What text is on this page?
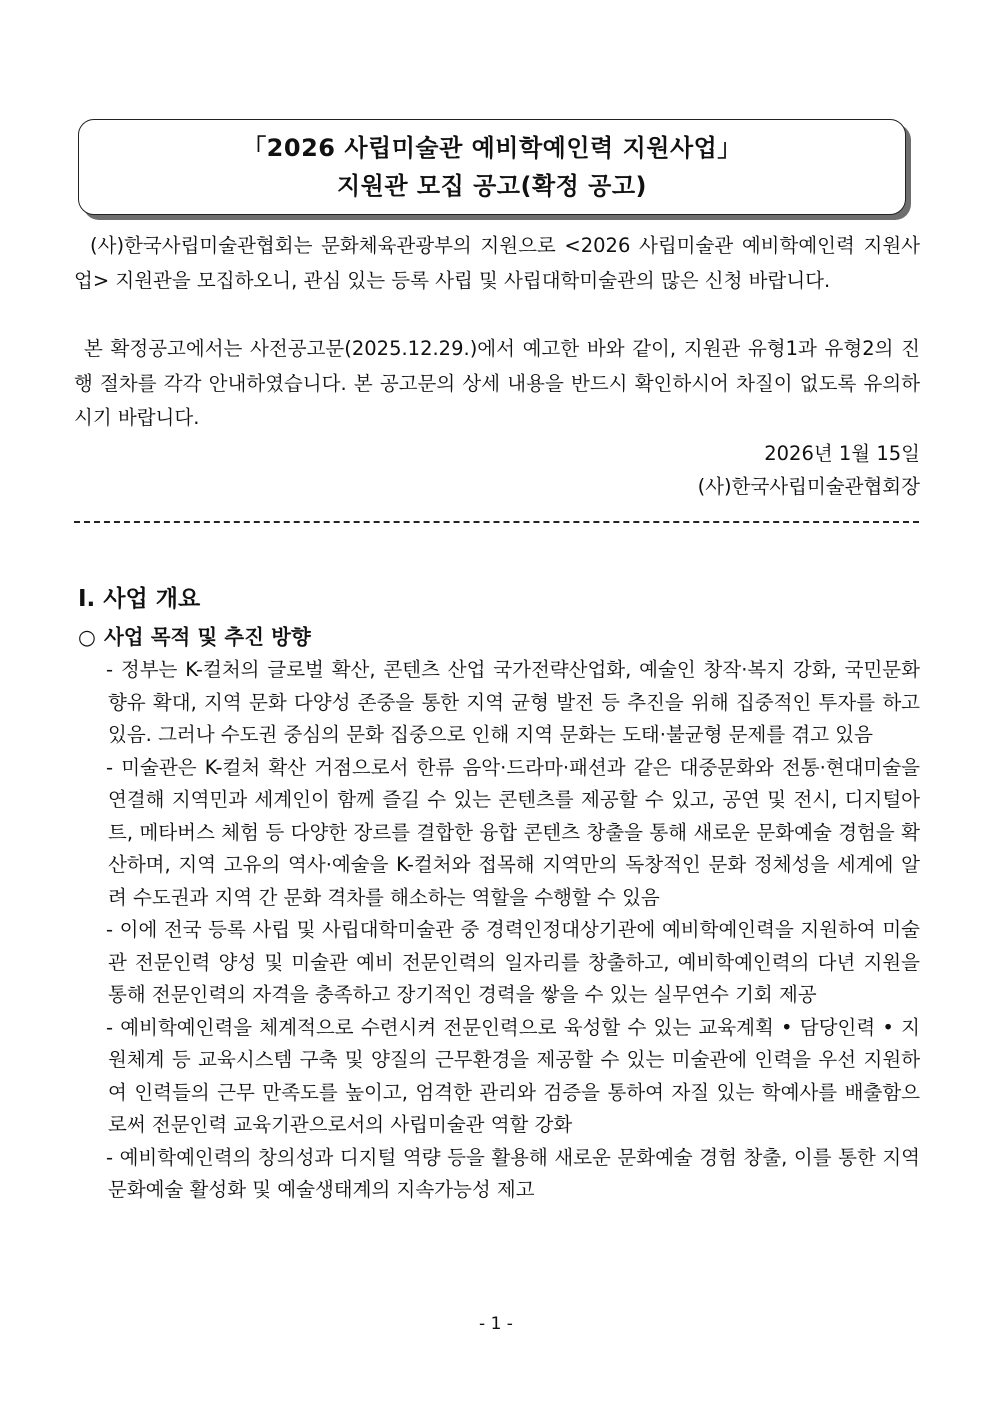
「2026 사립미술관 예비학예인력 지원사업」
지원관 모집 공고(확정 공고)

(사)한국사립미술관협회는 문화체육관광부의 지원으로 <2026 사립미술관 예비학예인력 지원사업> 지원관을 모집하오니, 관심 있는 등록 사립 및 사립대학미술관의 많은 신청 바랍니다.

본 확정공고에서는 사전공고문(2025.12.29.)에서 예고한 바와 같이, 지원관 유형1과 유형2의 진행 절차를 각각 안내하였습니다. 본 공고문의 상세 내용을 반드시 확인하시어 차질이 없도록 유의하시기 바랍니다.

2026년 1월 15일
(사)한국사립미술관협회장
Ⅰ. 사업 개요
○ 사업 목적 및 추진 방향
- 정부는 K-컬처의 글로벌 확산, 콘텐츠 산업 국가전략산업화, 예술인 창작·복지 강화, 국민문화 향유 확대, 지역 문화 다양성 존중을 통한 지역 균형 발전 등 추진을 위해 집중적인 투자를 하고 있음. 그러나 수도권 중심의 문화 집중으로 인해 지역 문화는 도태·불균형 문제를 겪고 있음
- 미술관은 K-컬처 확산 거점으로서 한류 음악·드라마·패션과 같은 대중문화와 전통·현대미술을 연결해 지역민과 세계인이 함께 즐길 수 있는 콘텐츠를 제공할 수 있고, 공연 및 전시, 디지털아트, 메타버스 체험 등 다양한 장르를 결합한 융합 콘텐츠 창출을 통해 새로운 문화예술 경험을 확산하며, 지역 고유의 역사·예술을 K-컬처와 접목해 지역만의 독창적인 문화 정체성을 세계에 알려 수도권과 지역 간 문화 격차를 해소하는 역할을 수행할 수 있음
- 이에 전국 등록 사립 및 사립대학미술관 중 경력인정대상기관에 예비학예인력을 지원하여 미술관 전문인력 양성 및 미술관 예비 전문인력의 일자리를 창출하고, 예비학예인력의 다년 지원을 통해 전문인력의 자격을 충족하고 장기적인 경력을 쌓을 수 있는 실무연수 기회 제공
- 예비학예인력을 체계적으로 수련시켜 전문인력으로 육성할 수 있는 교육계획 • 담당인력 • 지원체계 등 교육시스템 구축 및 양질의 근무환경을 제공할 수 있는 미술관에 인력을 우선 지원하여 인력들의 근무 만족도를 높이고, 엄격한 관리와 검증을 통하여 자질 있는 학예사를 배출함으로써 전문인력 교육기관으로서의 사립미술관 역할 강화
- 예비학예인력의 창의성과 디지털 역량 등을 활용해 새로운 문화예술 경험 창출, 이를 통한 지역 문화예술 활성화 및 예술생태계의 지속가능성 제고
- 1 -
